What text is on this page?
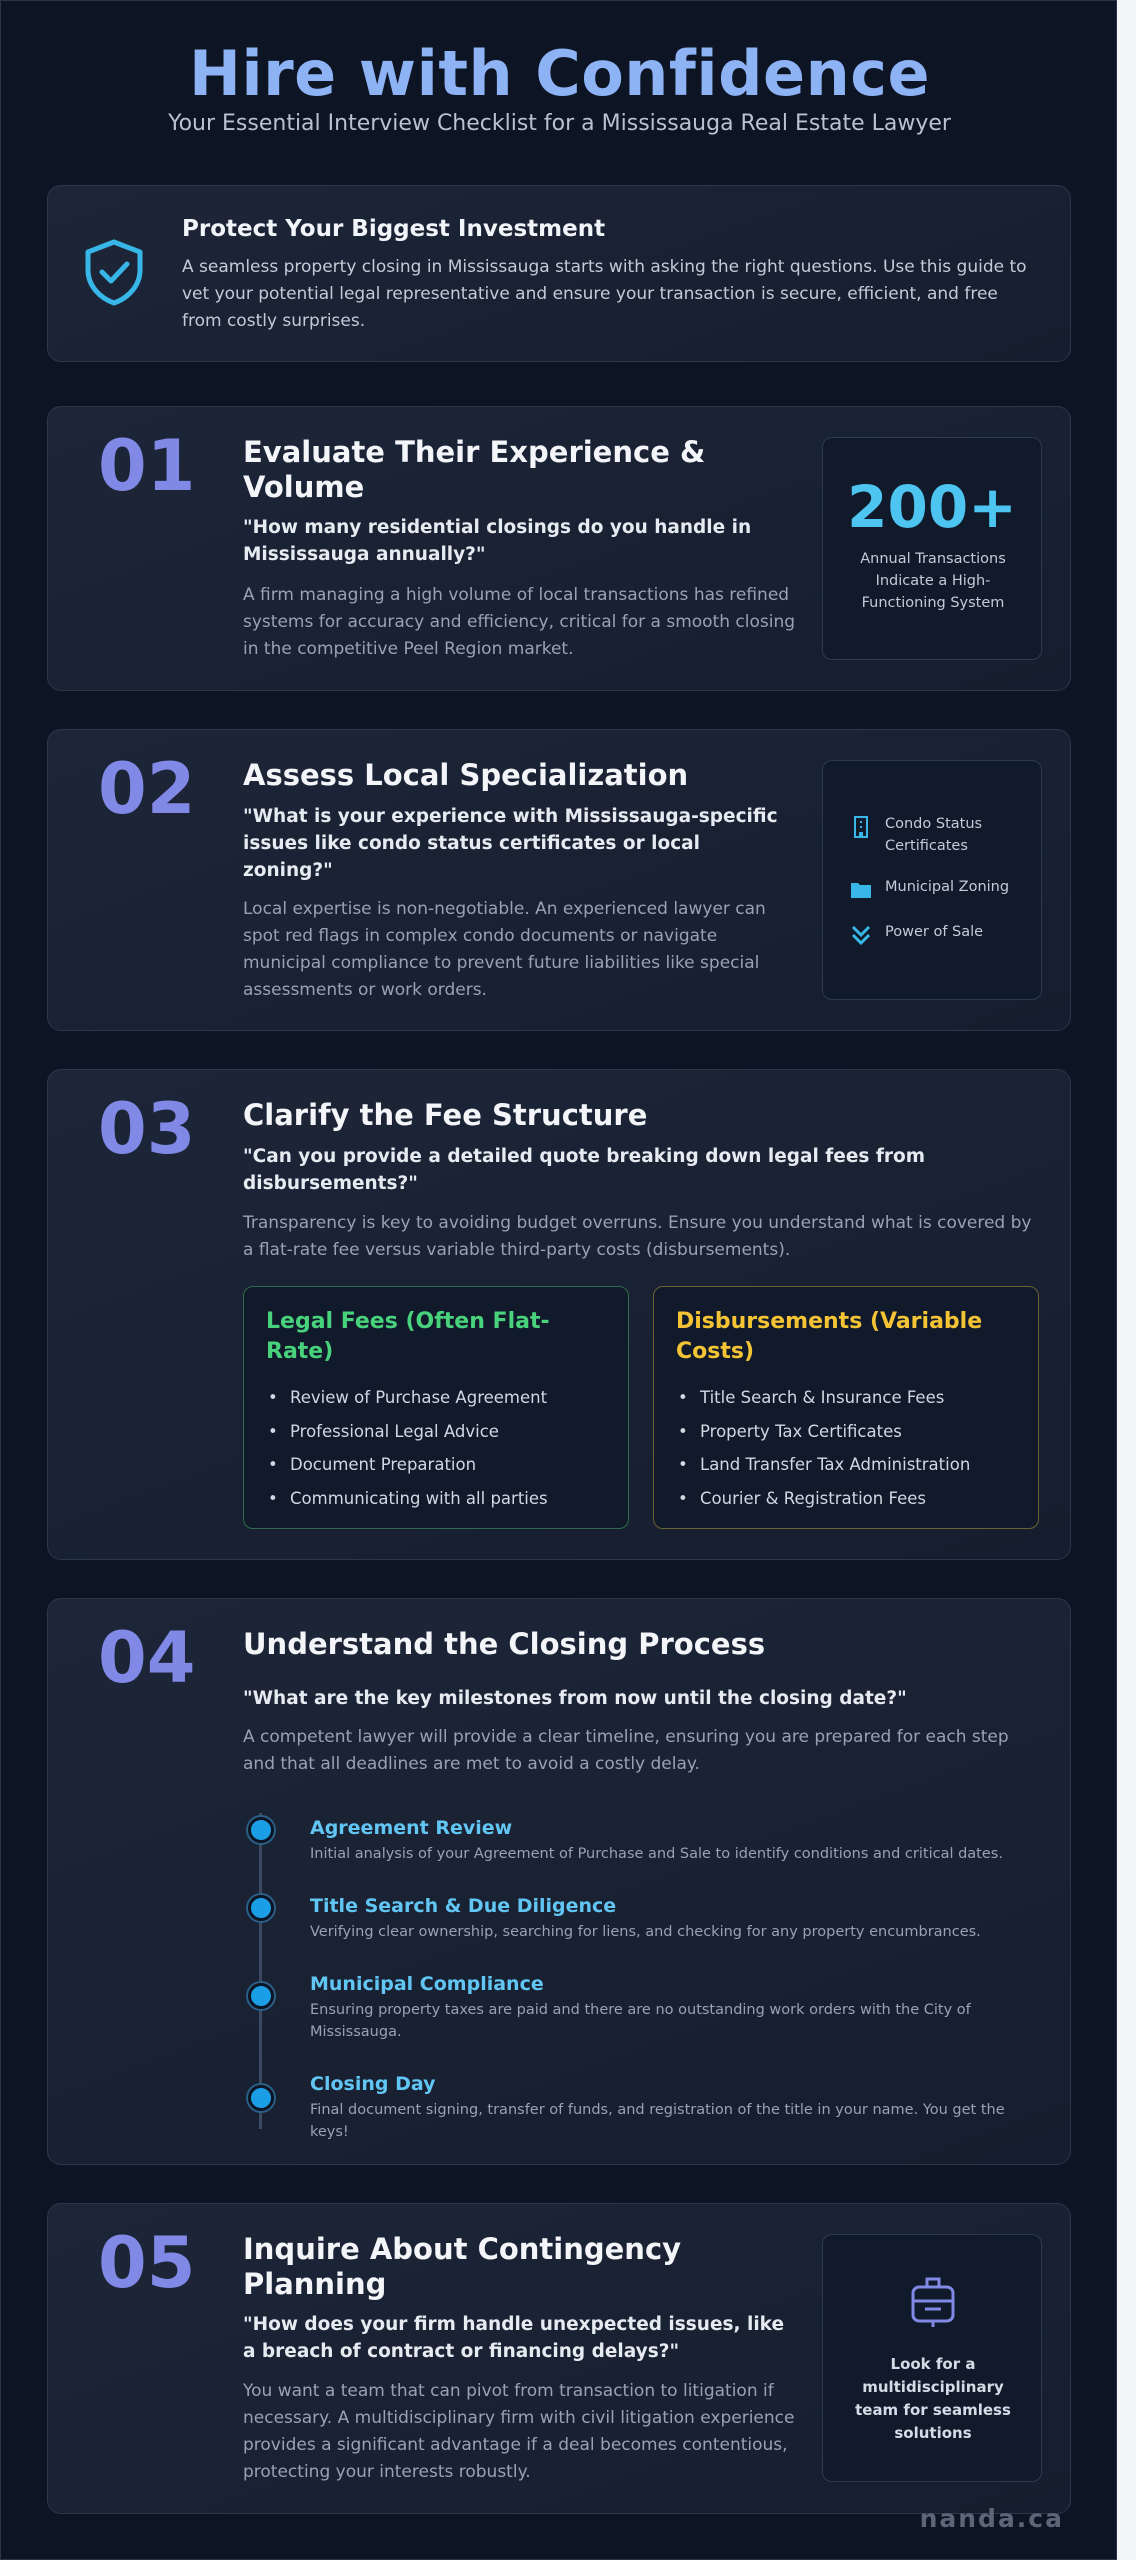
Hire with Confidence
Your Essential Interview Checklist for a Mississauga Real Estate Lawyer
Protect Your Biggest Investment
A seamless property closing in Mississauga starts with asking the right questions. Use this guide to vet your potential legal representative and ensure your transaction is secure, efficient, and free from costly surprises.
01 Evaluate Their Experience & Volume
"How many residential closings do you handle in Mississauga annually?"
A firm managing a high volume of local transactions has refined systems for accuracy and efficiency, critical for a smooth closing in the competitive Peel Region market.
200+
Annual Transactions Indicate a High-Functioning System
02 Assess Local Specialization
"What is your experience with Mississauga-specific issues like condo status certificates or local zoning?"
Local expertise is non-negotiable. An experienced lawyer can spot red flags in complex condo documents or navigate municipal compliance to prevent future liabilities like special assessments or work orders.
Condo Status Certificates
Municipal Zoning
Power of Sale
03 Clarify the Fee Structure
"Can you provide a detailed quote breaking down legal fees from disbursements?"
Transparency is key to avoiding budget overruns. Ensure you understand what is covered by a flat-rate fee versus variable third-party costs (disbursements).
Legal Fees (Often Flat-Rate)
• Review of Purchase Agreement
• Professional Legal Advice
• Document Preparation
• Communicating with all parties
Disbursements (Variable Costs)
• Title Search & Insurance Fees
• Property Tax Certificates
• Land Transfer Tax Administration
• Courier & Registration Fees
04 Understand the Closing Process
"What are the key milestones from now until the closing date?"
A competent lawyer will provide a clear timeline, ensuring you are prepared for each step and that all deadlines are met to avoid a costly delay.
Agreement Review
Initial analysis of your Agreement of Purchase and Sale to identify conditions and critical dates.
Title Search & Due Diligence
Verifying clear ownership, searching for liens, and checking for any property encumbrances.
Municipal Compliance
Ensuring property taxes are paid and there are no outstanding work orders with the City of Mississauga.
Closing Day
Final document signing, transfer of funds, and registration of the title in your name. You get the keys!
05 Inquire About Contingency Planning
"How does your firm handle unexpected issues, like a breach of contract or financing delays?"
You want a team that can pivot from transaction to litigation if necessary. A multidisciplinary firm with civil litigation experience provides a significant advantage if a deal becomes contentious, protecting your interests robustly.
Look for a multidisciplinary team for seamless solutions
nanda.ca
